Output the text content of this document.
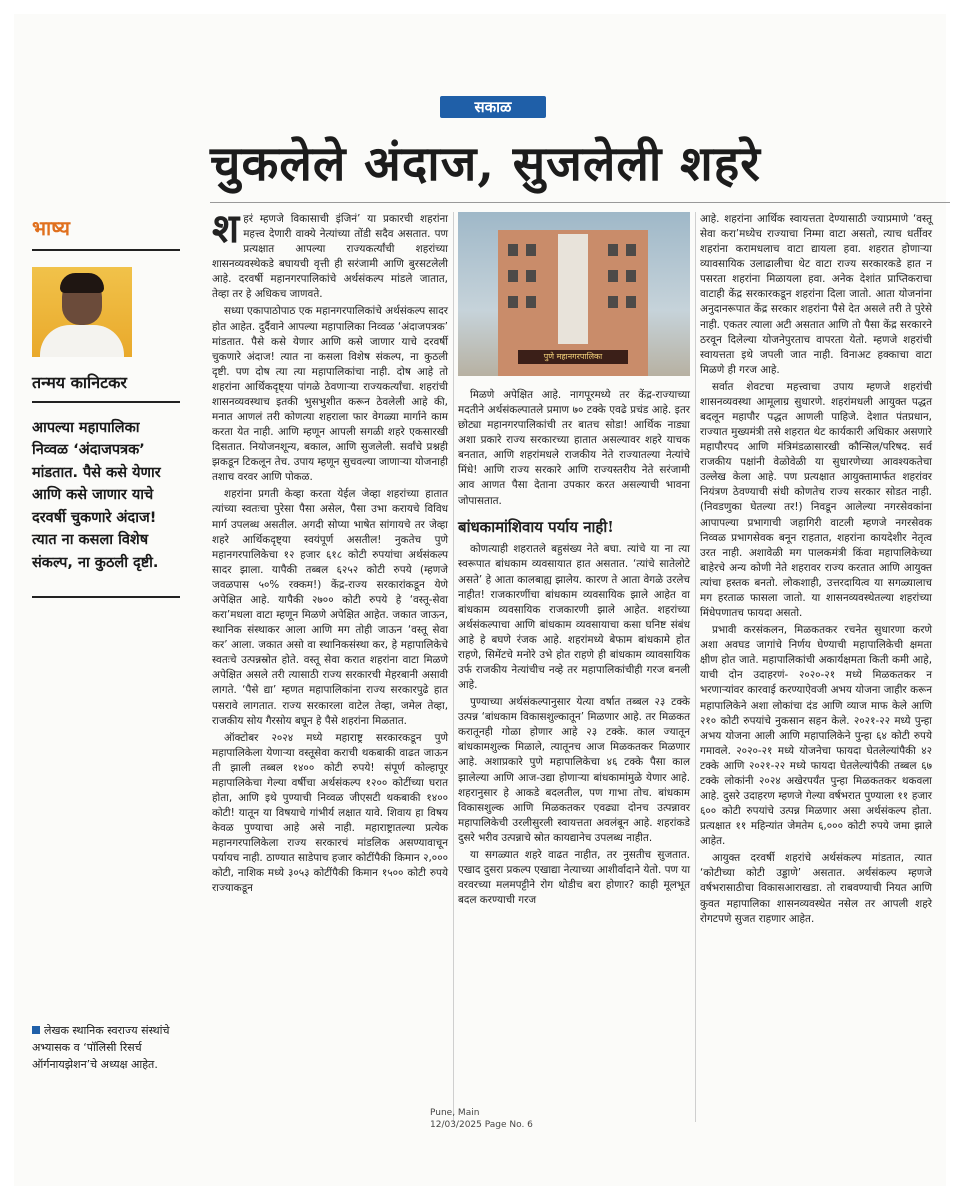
सकाळ
चुकलेले अंदाज, सुजलेली शहरे
भाष्य
तन्मय कानिटकर
आपल्या महापालिका निव्वळ ‘अंदाजपत्रक’ मांडतात. पैसे कसे येणार आणि कसे जाणार याचे दरवर्षी चुकणारे अंदाज! त्यात ना कसला विशेष संकल्प, ना कुठली दृष्टी.
लेखक स्थानिक स्वराज्य संस्थांचे अभ्यासक व ‘पॉलिसी रिसर्च ऑर्गनायझेशन’चे अध्यक्ष आहेत.

शहरं म्हणजे विकासाची इंजिनं’ या प्रकारची शहरांना महत्त्व देणारी वाक्ये नेत्यांच्या तोंडी सदैव असतात. पण प्रत्यक्षात आपल्या राज्यकर्त्यांची शहरांच्या शासनव्यवस्थेकडे बघायची वृत्ती ही सरंजामी आणि बुरसटलेली आहे. दरवर्षी महानगरपालिकांचे अर्थसंकल्प मांडले जातात, तेव्हा तर हे अधिकच जाणवते.

सध्या एकापाठोपाठ एक महानगरपालिकांचे अर्थसंकल्प सादर होत आहेत. दुर्दैवाने आपल्या महापालिका निव्वळ ‘अंदाजपत्रक’ मांडतात. पैसे कसे येणार आणि कसे जाणार याचे दरवर्षी चुकणारे अंदाज! त्यात ना कसला विशेष संकल्प, ना कुठली दृष्टी. पण दोष त्या त्या महापालिकांचा नाही. दोष आहे तो शहरांना आर्थिकदृष्ट्या पांगळे ठेवणाऱ्या राज्यकर्त्यांचा. शहरांची शासनव्यवस्थाच इतकी भुसभुशीत करून ठेवलेली आहे की, मनात आणलं तरी कोणत्या शहराला फार वेगळ्या मार्गाने काम करता येत नाही. आणि म्हणून आपली सगळी शहरे एकसारखी दिसतात. नियोजनशून्य, बकाल, आणि सुजलेली. सर्वांचे प्रश्नही झकडून टिकलून तेच. उपाय म्हणून सुचवल्या जाणाऱ्या योजनाही तशाच वरवर आणि पोकळ.

शहरांना प्रगती केव्हा करता येईल जेव्हा शहरांच्या हातात त्यांच्या स्वतःचा पुरेसा पैसा असेल, पैसा उभा करायचे विविध मार्ग उपलब्ध असतील. अगदी सोप्या भाषेत सांगायचे तर जेव्हा शहरे आर्थिकदृष्ट्या स्वयंपूर्ण असतील! नुकतेच पुणे महानगरपालिकेचा १२ हजार ६१८ कोटी रुपयांचा अर्थसंकल्प सादर झाला. यापैकी तब्बल ६२५२ कोटी रुपये (म्हणजे जवळपास ५०% रक्कम!) केंद्र-राज्य सरकारांकडून येणे अपेक्षित आहे. यापैकी २७०० कोटी रुपये हे ‘वस्तू-सेवा करा’मधला वाटा म्हणून मिळणे अपेक्षित आहेत. जकात जाऊन, स्थानिक संस्थाकर आला आणि मग तोही जाऊन ‘वस्तू सेवा कर’ आला. जकात असो वा स्थानिकसंस्था कर, हे महापालिकेचे स्वतःचे उत्पन्नस्रोत होते. वस्तू सेवा करात शहरांना वाटा मिळणे अपेक्षित असले तरी त्यासाठी राज्य सरकारची मेहरबानी असावी लागते. ‘पैसे द्या’ म्हणत महापालिकांना राज्य सरकारपुढे हात पसरावे लागतात. राज्य सरकारला वाटेल तेव्हा, जमेल तेव्हा, राजकीय सोय गैरसोय बघून हे पैसे शहरांना मिळतात.

ऑक्टोबर २०२४ मध्ये महाराष्ट्र सरकारकडून पुणे महापालिकेला येणाऱ्या वस्तूसेवा कराची थकबाकी वाढत जाऊन ती झाली तब्बल १४०० कोटी रुपये! संपूर्ण कोल्हापूर महापालिकेचा गेल्या वर्षीचा अर्थसंकल्प १२०० कोटींच्या घरात होता, आणि इथे पुण्याची निव्वळ जीएसटी थकबाकी १४०० कोटी! यातून या विषयाचे गांभीर्य लक्षात यावे. शिवाय हा विषय केवळ पुण्याचा आहे असे नाही. महाराष्ट्रातल्या प्रत्येक महानगरपालिकेला राज्य सरकारचं मांडलिक असण्यावाचून पर्यायच नाही. ठाण्यात साडेपाच हजार कोटींपैकी किमान २,००० कोटी, नाशिक मध्ये ३०५३ कोटींपैकी किमान १५०० कोटी रुपये राज्याकडून

पुणे महानगरपालिका

मिळणे अपेक्षित आहे. नागपूरमध्ये तर केंद्र-राज्याच्या मदतीने अर्थसंकल्पातले प्रमाण ७० टक्के एवढे प्रचंड आहे. इतर छोट्या महानगरपालिकांची तर बातच सोडा! आर्थिक नाड्या अशा प्रकारे राज्य सरकारच्या हातात असल्यावर शहरे याचक बनतात, आणि शहरांमधले राजकीय नेते राज्यातल्या नेत्यांचे मिंधे! आणि राज्य सरकारे आणि राज्यस्तरीय नेते सरंजामी आव आणत पैसा देताना उपकार करत असल्याची भावना जोपासतात.

बांधकामांशिवाय पर्याय नाही!

कोणत्याही शहरातले बहुसंख्य नेते बघा. त्यांचे या ना त्या स्वरूपात बांधकाम व्यवसायात हात असतात. ‘त्यांचे सातेलोटे असते’ हे आता कालबाह्य झालेय. कारण ते आता वेगळे उरलेच नाहीत! राजकारणींचा बांधकाम व्यवसायिक झाले आहेत वा बांधकाम व्यवसायिक राजकारणी झाले आहेत. शहरांच्या अर्थसंकल्पाचा आणि बांधकाम व्यवसायाचा कसा घनिष्ट संबंध आहे हे बघणे रंजक आहे. शहरांमध्ये बेफाम बांधकामे होत राहणे, सिमेंटचे मनोरे उभे होत राहणे ही बांधकाम व्यावसायिक उर्फ राजकीय नेत्यांचीच नव्हे तर महापालिकांचीही गरज बनली आहे.

पुण्याच्या अर्थसंकल्पानुसार येत्या वर्षात तब्बल २३ टक्के उत्पन्न ‘बांधकाम विकासशुल्कातून’ मिळणार आहे. तर मिळकत करातूनही गोळा होणार आहे २३ टक्के. काल ज्यातून बांधकामशुल्क मिळाले, त्यातूनच आज मिळकतकर मिळणार आहे. अशाप्रकारे पुणे महापालिकेचा ४६ टक्के पैसा काल झालेल्या आणि आज-उद्या होणाऱ्या बांधकामांमुळे येणार आहे. शहरानुसार हे आकडे बदलतील, पण गाभा तोच. बांधकाम विकासशुल्क आणि मिळकतकर एवढ्या दोनच उत्पन्नावर महापालिकेची उरलीसुरली स्वायत्तता अवलंबून आहे. शहरांकडे दुसरे भरीव उत्पन्नाचे स्रोत कायद्यानेच उपलब्ध नाहीत.

या सगळ्यात शहरे वाढत नाहीत, तर नुसतीच सुजतात. एखाद दुसरा प्रकल्प एखाद्या नेत्याच्या आशीर्वादाने येतो. पण या वरवरच्या मलमपट्टीने रोग थोडीच बरा होणार? काही मूलभूत बदल करण्याची गरज

आहे. शहरांना आर्थिक स्वायत्तता देण्यासाठी ज्याप्रमाणे ‘वस्तू सेवा करा’मध्येच राज्याचा निम्मा वाटा असतो, त्याच धर्तीवर शहरांना करामधलाच वाटा द्यायला हवा. शहरात होणाऱ्या व्यावसायिक उलाढालीचा थेट वाटा राज्य सरकारकडे हात न पसरता शहरांना मिळायला हवा. अनेक देशांत प्राप्तिकराचा वाटाही केंद्र सरकारकडून शहरांना दिला जातो. आता योजनांना अनुदानरूपात केंद्र सरकार शहरांना पैसे देत असले तरी ते पुरेसे नाही. एकतर त्याला अटी असतात आणि तो पैसा केंद्र सरकारने ठरवून दिलेल्या योजनेपुरताच वापरता येतो. म्हणजे शहरांची स्वायत्तता इथे जपली जात नाही. विनाअट हक्काचा वाटा मिळणे ही गरज आहे.

सर्वात शेवटचा महत्त्वाचा उपाय म्हणजे शहरांची शासनव्यवस्था आमूलाग्र सुधारणे. शहरांमधली आयुक्त पद्धत बदलून महापौर पद्धत आणली पाहिजे. देशात पंतप्रधान, राज्यात मुख्यमंत्री तसे शहरात थेट कार्यकारी अधिकार असणारे महापौरपद आणि मंत्रिमंडळासारखी कौन्सिल/परिषद. सर्व राजकीय पक्षांनी वेळोवेळी या सुधारणेच्या आवश्यकतेचा उल्लेख केला आहे. पण प्रत्यक्षात आयुक्तामार्फत शहरांवर नियंत्रण ठेवण्याची संधी कोणतेच राज्य सरकार सोडत नाही. (निवडणुका घेतल्या तर!) निवडून आलेल्या नगरसेवकांना आपापल्या प्रभागाची जहागिरी वाटली म्हणजे नगरसेवक निव्वळ प्रभागसेवक बनून राहतात, शहरांना कायदेशीर नेतृत्व उरत नाही. अशावेळी मग पालकमंत्री किंवा महापालिकेच्या बाहेरचे अन्य कोणी नेते शहरावर राज्य करतात आणि आयुक्त त्यांचा हस्तक बनतो. लोकशाही, उत्तरदायित्व या सगळ्यालाच मग हरताळ फासला जातो. या शासनव्यवस्थेतल्या शहरांच्या मिंधेपणातच फायदा असतो.

प्रभावी करसंकलन, मिळकतकर रचनेत सुधारणा करणे अशा अवघड जागांचे निर्णय घेण्याची महापालिकेची क्षमता क्षीण होत जाते. महापालिकांची अकार्यक्षमता किती कमी आहे, याची दोन उदाहरणं- २०२०-२१ मध्ये मिळकतकर न भरणाऱ्यांवर कारवाई करण्याऐवजी अभय योजना जाहीर करून महापालिकेने अशा लोकांचा दंड आणि व्याज माफ केले आणि २१० कोटी रुपयांचे नुकसान सहन केले. २०२१-२२ मध्ये पुन्हा अभय योजना आली आणि महापालिकेने पुन्हा ६४ कोटी रुपये गमावले. २०२०-२१ मध्ये योजनेचा फायदा घेतलेल्यांपैकी ४२ टक्के आणि २०२१-२२ मध्ये फायदा घेतलेल्यांपैकी तब्बल ६७ टक्के लोकांनी २०२४ अखेरपर्यंत पुन्हा मिळकतकर थकवला आहे. दुसरे उदाहरण म्हणजे गेल्या वर्षभरात पुण्याला ११ हजार ६०० कोटी रुपयांचे उत्पन्न मिळणार असा अर्थसंकल्प होता. प्रत्यक्षात ११ महिन्यांत जेमतेम ६,००० कोटी रुपये जमा झाले आहेत.

आयुक्त दरवर्षी शहरांचे अर्थसंकल्प मांडतात, त्यात ‘कोटीच्या कोटी उड्डाणे’ असतात. अर्थसंकल्प म्हणजे वर्षभरासाठीचा विकासआराखडा. तो राबवण्याची नियत आणि कुवत महापालिका शासनव्यवस्थेत नसेल तर आपली शहरे रोगटपणे सुजत राहणार आहेत.

Pune, Main
12/03/2025 Page No. 6
